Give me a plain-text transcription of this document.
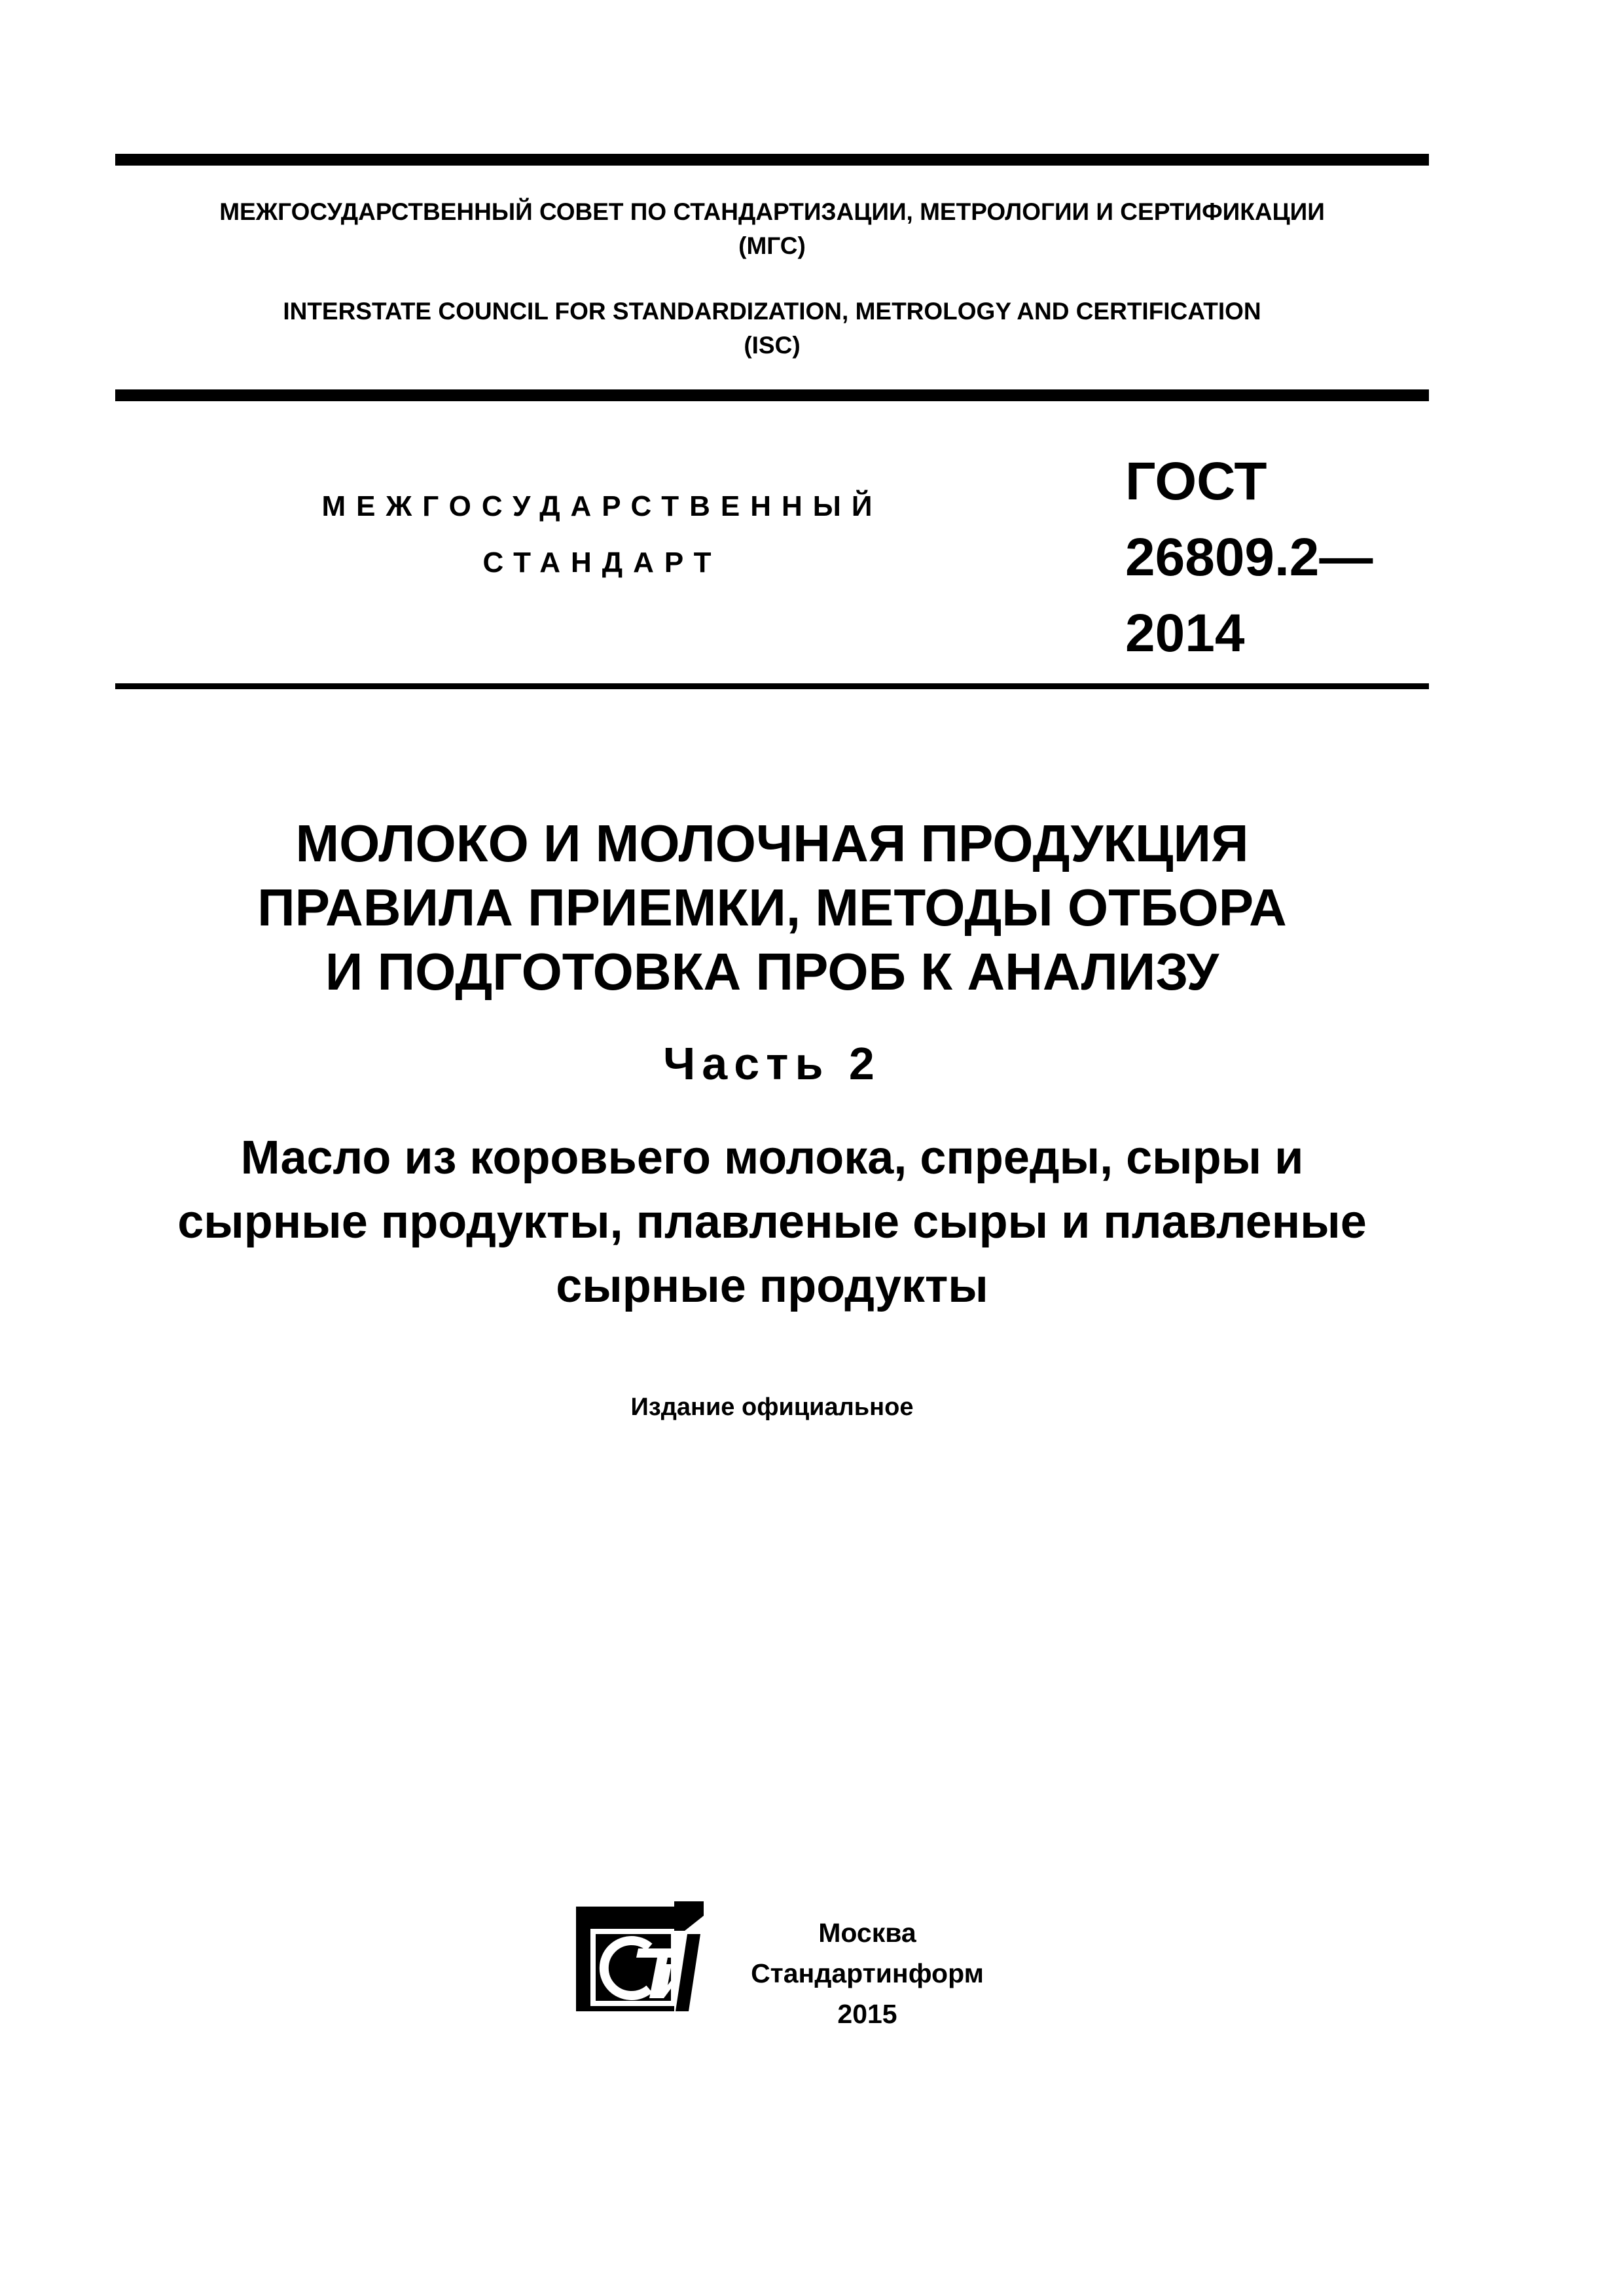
МЕЖГОСУДАРСТВЕННЫЙ СОВЕТ ПО СТАНДАРТИЗАЦИИ, МЕТРОЛОГИИ И СЕРТИФИКАЦИИ
(МГС)
INTERSTATE COUNCIL FOR STANDARDIZATION, METROLOGY AND CERTIFICATION
(ISC)
МЕЖГОСУДАРСТВЕННЫЙ
СТАНДАРТ
ГОСТ
26809.2—
2014
МОЛОКО И МОЛОЧНАЯ ПРОДУКЦИЯ
ПРАВИЛА ПРИЕМКИ, МЕТОДЫ ОТБОРА
И ПОДГОТОВКА ПРОБ К АНАЛИЗУ
Часть 2
Масло из коровьего молока, спреды, сыры и
сырные продукты, плавленые сыры и плавленые
сырные продукты
Издание официальное
СТИ
Москва
Стандартинформ
2015
